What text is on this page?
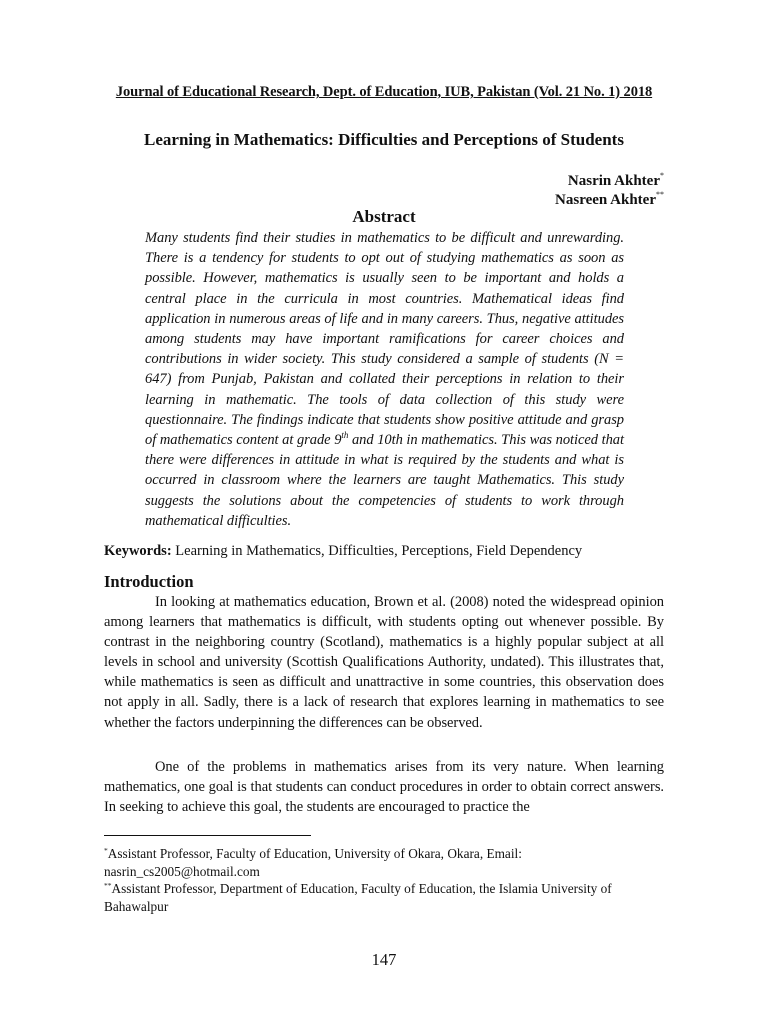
Journal of Educational Research, Dept. of Education, IUB, Pakistan (Vol. 21 No. 1) 2018
Learning in Mathematics: Difficulties and Perceptions of Students
Nasrin Akhter*
Nasreen Akhter**
Abstract
Many students find their studies in mathematics to be difficult and unrewarding. There is a tendency for students to opt out of studying mathematics as soon as possible. However, mathematics is usually seen to be important and holds a central place in the curricula in most countries. Mathematical ideas find application in numerous areas of life and in many careers. Thus, negative attitudes among students may have important ramifications for career choices and contributions in wider society. This study considered a sample of students (N = 647) from Punjab, Pakistan and collated their perceptions in relation to their learning in mathematic. The tools of data collection of this study were questionnaire. The findings indicate that students show positive attitude and grasp of mathematics content at grade 9th and 10th in mathematics. This was noticed that there were differences in attitude in what is required by the students and what is occurred in classroom where the learners are taught Mathematics. This study suggests the solutions about the competencies of students to work through mathematical difficulties.
Keywords: Learning in Mathematics, Difficulties, Perceptions, Field Dependency
Introduction
In looking at mathematics education, Brown et al. (2008) noted the widespread opinion among learners that mathematics is difficult, with students opting out whenever possible. By contrast in the neighboring country (Scotland), mathematics is a highly popular subject at all levels in school and university (Scottish Qualifications Authority, undated). This illustrates that, while mathematics is seen as difficult and unattractive in some countries, this observation does not apply in all. Sadly, there is a lack of research that explores learning in mathematics to see whether the factors underpinning the differences can be observed.
One of the problems in mathematics arises from its very nature. When learning mathematics, one goal is that students can conduct procedures in order to obtain correct answers. In seeking to achieve this goal, the students are encouraged to practice the
*Assistant Professor, Faculty of Education, University of Okara, Okara, Email: nasrin_cs2005@hotmail.com
**Assistant Professor, Department of Education, Faculty of Education, the Islamia University of Bahawalpur
147
